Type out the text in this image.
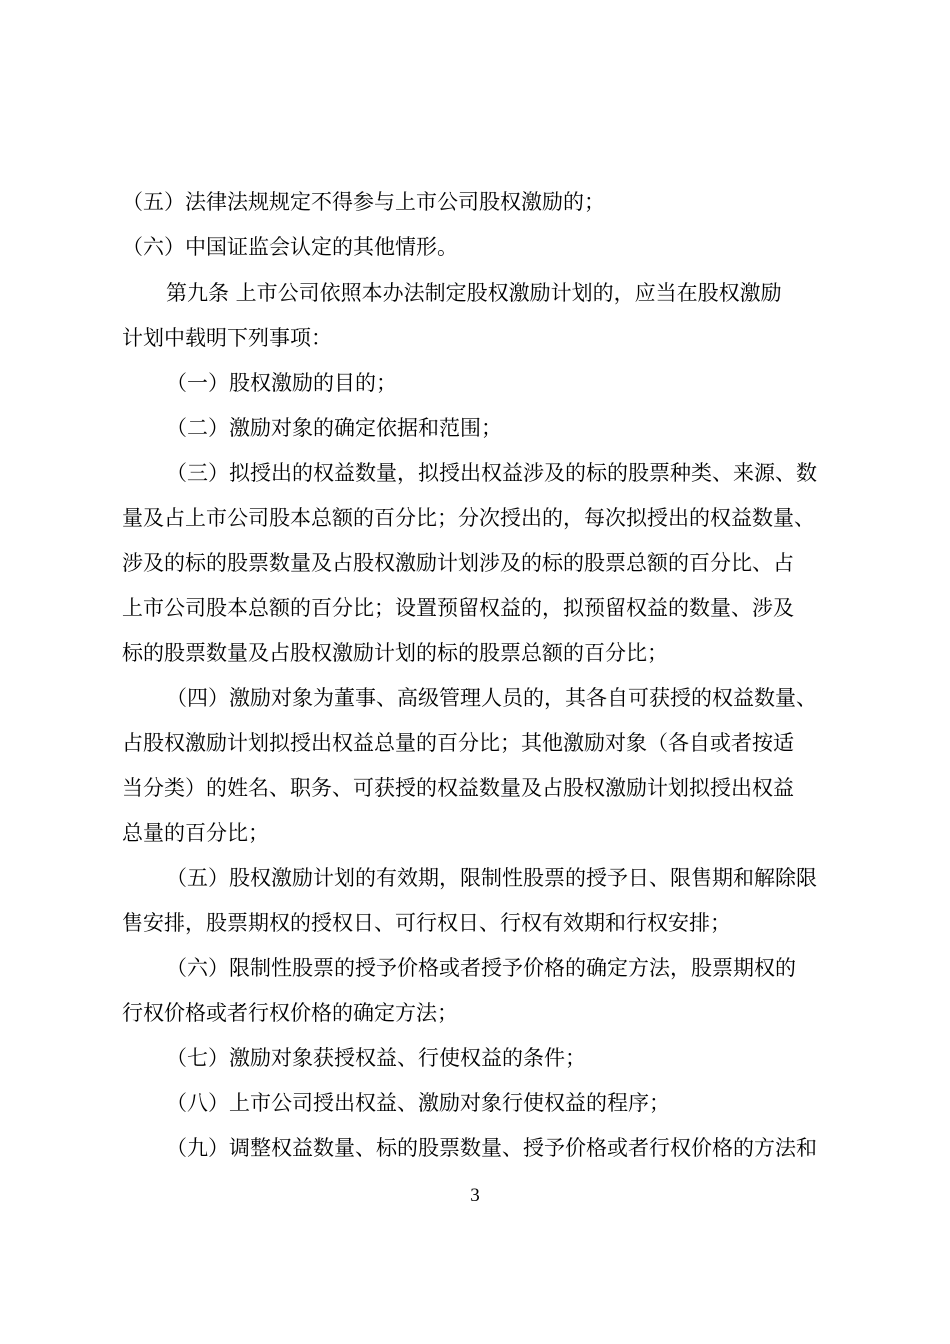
（五）法律法规规定不得参与上市公司股权激励的；
（六）中国证监会认定的其他情形。
第九条 上市公司依照本办法制定股权激励计划的，应当在股权激励
计划中载明下列事项：
（一）股权激励的目的；
（二）激励对象的确定依据和范围；
（三）拟授出的权益数量，拟授出权益涉及的标的股票种类、来源、数
量及占上市公司股本总额的百分比；分次授出的，每次拟授出的权益数量、
涉及的标的股票数量及占股权激励计划涉及的标的股票总额的百分比、占
上市公司股本总额的百分比；设置预留权益的，拟预留权益的数量、涉及
标的股票数量及占股权激励计划的标的股票总额的百分比；
（四）激励对象为董事、高级管理人员的，其各自可获授的权益数量、
占股权激励计划拟授出权益总量的百分比；其他激励对象（各自或者按适
当分类）的姓名、职务、可获授的权益数量及占股权激励计划拟授出权益
总量的百分比；
（五）股权激励计划的有效期，限制性股票的授予日、限售期和解除限
售安排，股票期权的授权日、可行权日、行权有效期和行权安排；
（六）限制性股票的授予价格或者授予价格的确定方法，股票期权的
行权价格或者行权价格的确定方法；
（七）激励对象获授权益、行使权益的条件；
（八）上市公司授出权益、激励对象行使权益的程序；
（九）调整权益数量、标的股票数量、授予价格或者行权价格的方法和
3
